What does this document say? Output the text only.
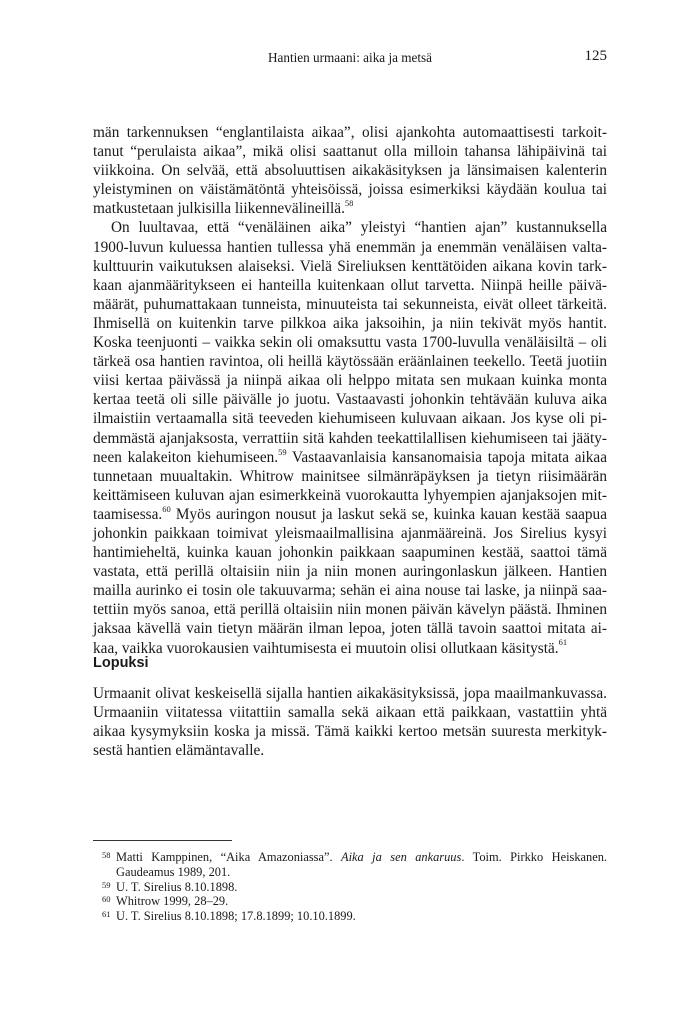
Hantien urmaani: aika ja metsä	125

män tarkennuksen “englantilaista aikaa”, olisi ajankohta automaattisesti tarkoit-
tanut “perulaista aikaa”, mikä olisi saattanut olla milloin tahansa lähipäivinä tai
viikkoina. On selvää, että absoluuttisen aikakäsityksen ja länsimaisen kalenterin
yleistyminen on väistämätöntä yhteisöissä, joissa esimerkiksi käydään koulua tai
matkustetaan julkisilla liikennevälineillä.$^{58}$

On luultavaa, että “venäläinen aika” yleistyi “hantien ajan” kustannuksella
1900-luvun kuluessa hantien tullessa yhä enemmän ja enemmän venäläisen valta-
kulttuurin vaikutuksen alaiseksi. Vielä Sireliuksen kenttätöiden aikana kovin tark-
kaan ajanmääritykseen ei hanteilla kuitenkaan ollut tarvetta. Niinpä heille päivä-
määrät, puhumattakaan tunneista, minuuteista tai sekunneista, eivät olleet tärkeitä.
Ihmisellä on kuitenkin tarve pilkkoa aika jaksoihin, ja niin tekivät myös hantit.
Koska teenjuonti – vaikka sekin oli omaksuttu vasta 1700-luvulla venäläisiltä – oli
tärkeä osa hantien ravintoa, oli heillä käytössään eräänlainen teekello. Teetä juotiin
viisi kertaa päivässä ja niinpä aikaa oli helppo mitata sen mukaan kuinka monta
kertaa teetä oli sille päivälle jo juotu. Vastaavasti johonkin tehtävään kuluva aika
ilmaistiin vertaamalla sitä teeveden kiehumiseen kuluvaan aikaan. Jos kyse oli pi-
demmästä ajanjaksosta, verrattiin sitä kahden teekattilallisen kiehumiseen tai jääty-
neen kalakeiton kiehumiseen.$^{59}$ Vastaavanlaisia kansanomaisia tapoja mitata aikaa
tunnetaan muualtakin. Whitrow mainitsee silmänräpäyksen ja tietyn riisimäärän
keittämiseen kuluvan ajan esimerkkeinä vuorokautta lyhyempien ajanjaksojen mit-
taamisessa.$^{60}$ Myös auringon nousut ja laskut sekä se, kuinka kauan kestää saapua
johonkin paikkaan toimivat yleismaailmallisina ajanmääreinä. Jos Sirelius kysyi
hantimieheltä, kuinka kauan johonkin paikkaan saapuminen kestää, saattoi tämä
vastata, että perillä oltaisiin niin ja niin monen auringonlaskun jälkeen. Hantien
mailla aurinko ei tosin ole takuuvarma; sehän ei aina nouse tai laske, ja niinpä saa-
tettiin myös sanoa, että perillä oltaisiin niin monen päivän kävelyn päästä. Ihminen
jaksaa kävellä vain tietyn määrän ilman lepoa, joten tällä tavoin saattoi mitata ai-
kaa, vaikka vuorokausien vaihtumisesta ei muutoin olisi ollutkaan käsitystä.$^{61}$

Lopuksi
Urmaanit olivat keskeisellä sijalla hantien aikakäsityksissä, jopa maailmankuvassa.
Urmaaniin viitatessa viitattiin samalla sekä aikaan että paikkaan, vastattiin yhtä
aikaa kysymyksiin koska ja missä. Tämä kaikki kertoo metsän suuresta merkityk-
sestä hantien elämäntavalle.
58 Matti Kamppinen, “Aika Amazoniassa”. Aika ja sen ankaruus. Toim. Pirkko Heiskanen.
Gaudeamus 1989, 201.
59 U. T. Sirelius 8.10.1898.
60 Whitrow 1999, 28–29.
61 U. T. Sirelius 8.10.1898; 17.8.1899; 10.10.1899.
